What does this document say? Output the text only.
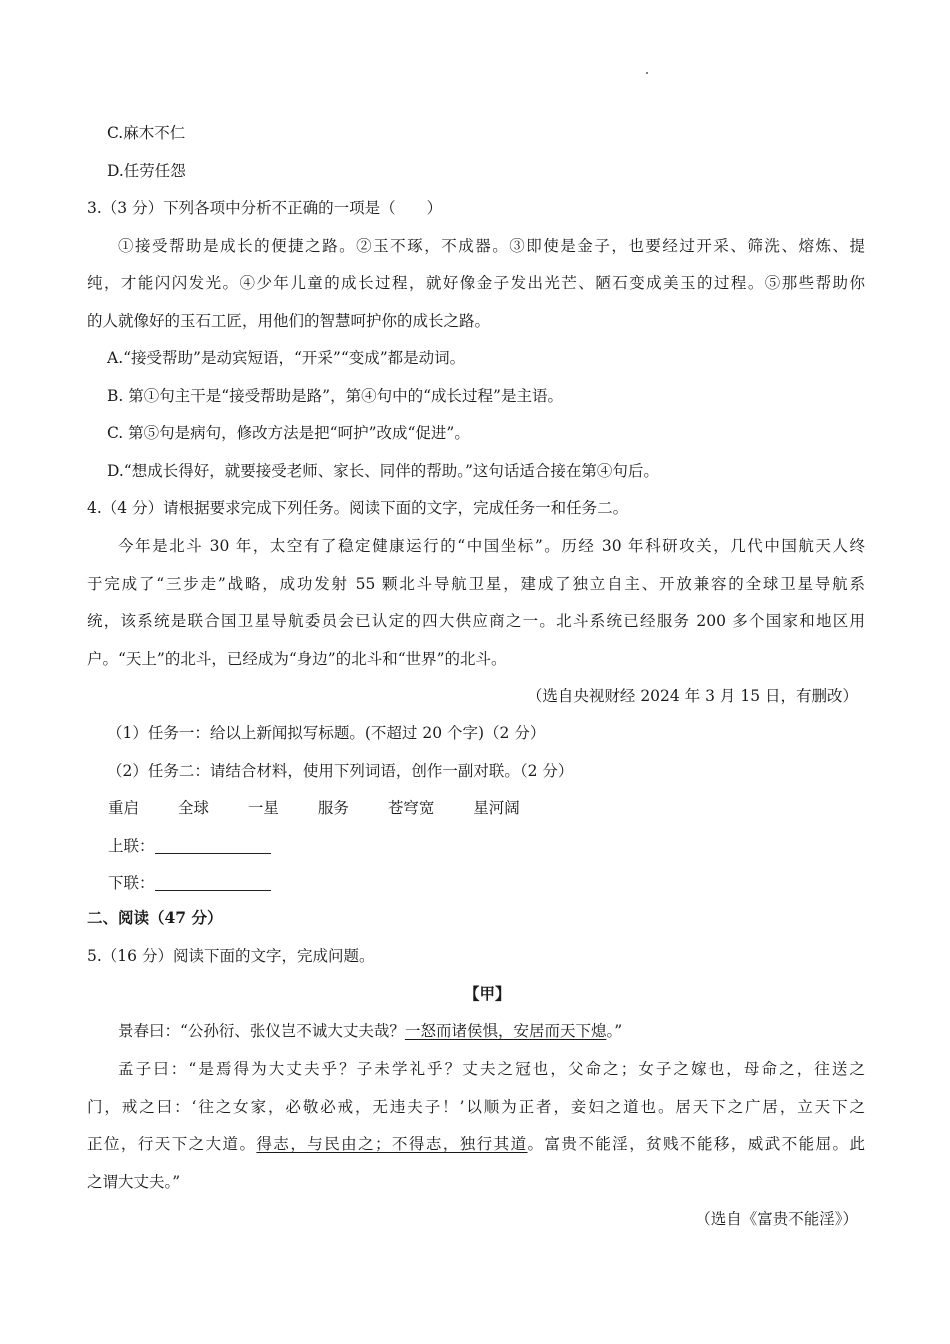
C.麻木不仁
D.任劳任怨
3.（3 分）下列各项中分析不正确的一项是（　　）
①接受帮助是成长的便捷之路。②玉不琢，不成器。③即使是金子，也要经过开采、筛洗、熔炼、提
纯，才能闪闪发光。④少年儿童的成长过程，就好像金子发出光芒、陋石变成美玉的过程。⑤那些帮助你
的人就像好的玉石工匠，用他们的智慧呵护你的成长之路。
A.“接受帮助”是动宾短语，“开采”“变成”都是动词。
B. 第①句主干是“接受帮助是路”，第④句中的“成长过程”是主语。
C. 第⑤句是病句，修改方法是把“呵护”改成“促进”。
D.“想成长得好，就要接受老师、家长、同伴的帮助。”这句话适合接在第④句后。
4.（4 分）请根据要求完成下列任务。阅读下面的文字，完成任务一和任务二。
今年是北斗 30 年，太空有了稳定健康运行的“中国坐标”。历经 30 年科研攻关，几代中国航天人终
于完成了“三步走”战略，成功发射 55 颗北斗导航卫星，建成了独立自主、开放兼容的全球卫星导航系
统，该系统是联合国卫星导航委员会已认定的四大供应商之一。北斗系统已经服务 200 多个国家和地区用
户。“天上”的北斗，已经成为“身边”的北斗和“世界”的北斗。
（选自央视财经 2024 年 3 月 15 日，有删改）
（1）任务一：给以上新闻拟写标题。(不超过 20 个字)（2 分）
（2）任务二：请结合材料，使用下列词语，创作一副对联。（2 分）
重启	全球	一星	服务	苍穹宽	星河阔
上联：
下联：
二、阅读（47 分）
5.（16 分）阅读下面的文字，完成问题。
【甲】
景春曰：“公孙衍、张仪岂不诚大丈夫哉？一怒而诸侯惧，安居而天下熄。”
孟子曰：“是焉得为大丈夫乎？子未学礼乎？丈夫之冠也，父命之；女子之嫁也，母命之，往送之
门，戒之曰：‘往之女家，必敬必戒，无违夫子！’以顺为正者，妾妇之道也。居天下之广居，立天下之
正位，行天下之大道。得志，与民由之；不得志，独行其道。富贵不能淫，贫贱不能移，威武不能屈。此
之谓大丈夫。”
（选自《富贵不能淫》）
